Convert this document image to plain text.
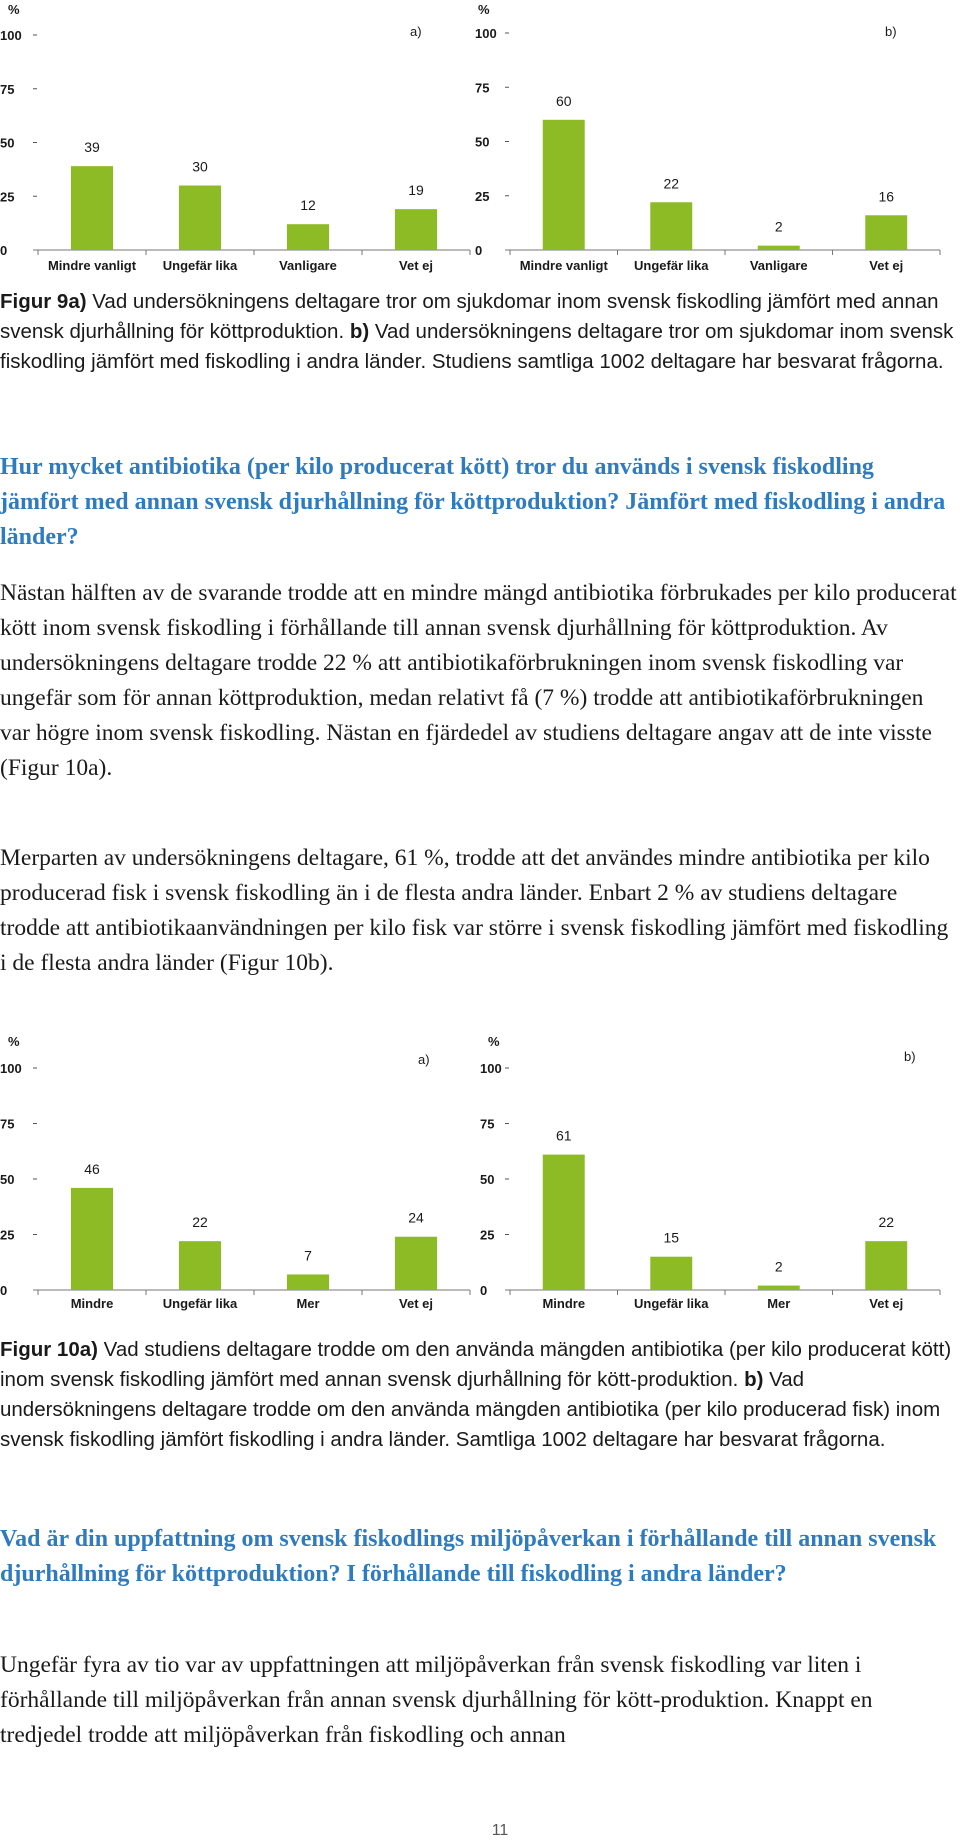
%
a)
0
25
50
75
100
39
Mindre vanligt
30
Ungefär lika
12
Vanligare
19
Vet ej
%
b)
0
25
50
75
100
60
Mindre vanligt
22
Ungefär lika
2
Vanligare
16
Vet ej

Figur 9a) Vad undersökningens deltagare tror om sjukdomar inom svensk fiskodling jämfört med annan svensk djurhållning för köttproduktion. b) Vad undersökningens deltagare tror om sjukdomar inom svensk fiskodling jämfört med fiskodling i andra länder. Studiens samtliga 1002 deltagare har besvarat frågorna.

Hur mycket antibiotika (per kilo producerat kött) tror du används i svensk fiskodling jämfört med annan svensk djurhållning för köttproduktion? Jämfört med fiskodling i andra länder?

Nästan hälften av de svarande trodde att en mindre mängd antibiotika förbrukades per kilo producerat kött inom svensk fiskodling i förhållande till annan svensk djurhållning för köttproduktion. Av undersökningens deltagare trodde 22 % att antibiotikaförbrukningen inom svensk fiskodling var ungefär som för annan köttproduktion, medan relativt få (7 %) trodde att antibiotikaförbrukningen var högre inom svensk fiskodling. Nästan en fjärdedel av studiens deltagare angav att de inte visste (Figur 10a).

Merparten av undersökningens deltagare, 61 %, trodde att det användes mindre antibiotika per kilo producerad fisk i svensk fiskodling än i de flesta andra länder. Enbart 2 % av studiens deltagare trodde att antibiotikaanvändningen per kilo fisk var större i svensk fiskodling jämfört med fiskodling i de flesta andra länder (Figur 10b).

%
a)
0
25
50
75
100
46
Mindre
22
Ungefär lika
7
Mer
24
Vet ej
%
b)
0
25
50
75
100
61
Mindre
15
Ungefär lika
2
Mer
22
Vet ej

Figur 10a) Vad studiens deltagare trodde om den använda mängden antibiotika (per kilo producerat kött) inom svensk fiskodling jämfört med annan svensk djurhållning för kött-produktion. b) Vad undersökningens deltagare trodde om den använda mängden antibiotika (per kilo producerad fisk) inom svensk fiskodling jämfört fiskodling i andra länder. Samtliga 1002 deltagare har besvarat frågorna.

Vad är din uppfattning om svensk fiskodlings miljöpåverkan i förhållande till annan svensk djurhållning för köttproduktion? I förhållande till fiskodling i andra länder?

Ungefär fyra av tio var av uppfattningen att miljöpåverkan från svensk fiskodling var liten i förhållande till miljöpåverkan från annan svensk djurhållning för kött-produktion. Knappt en tredjedel trodde att miljöpåverkan från fiskodling och annan

11
